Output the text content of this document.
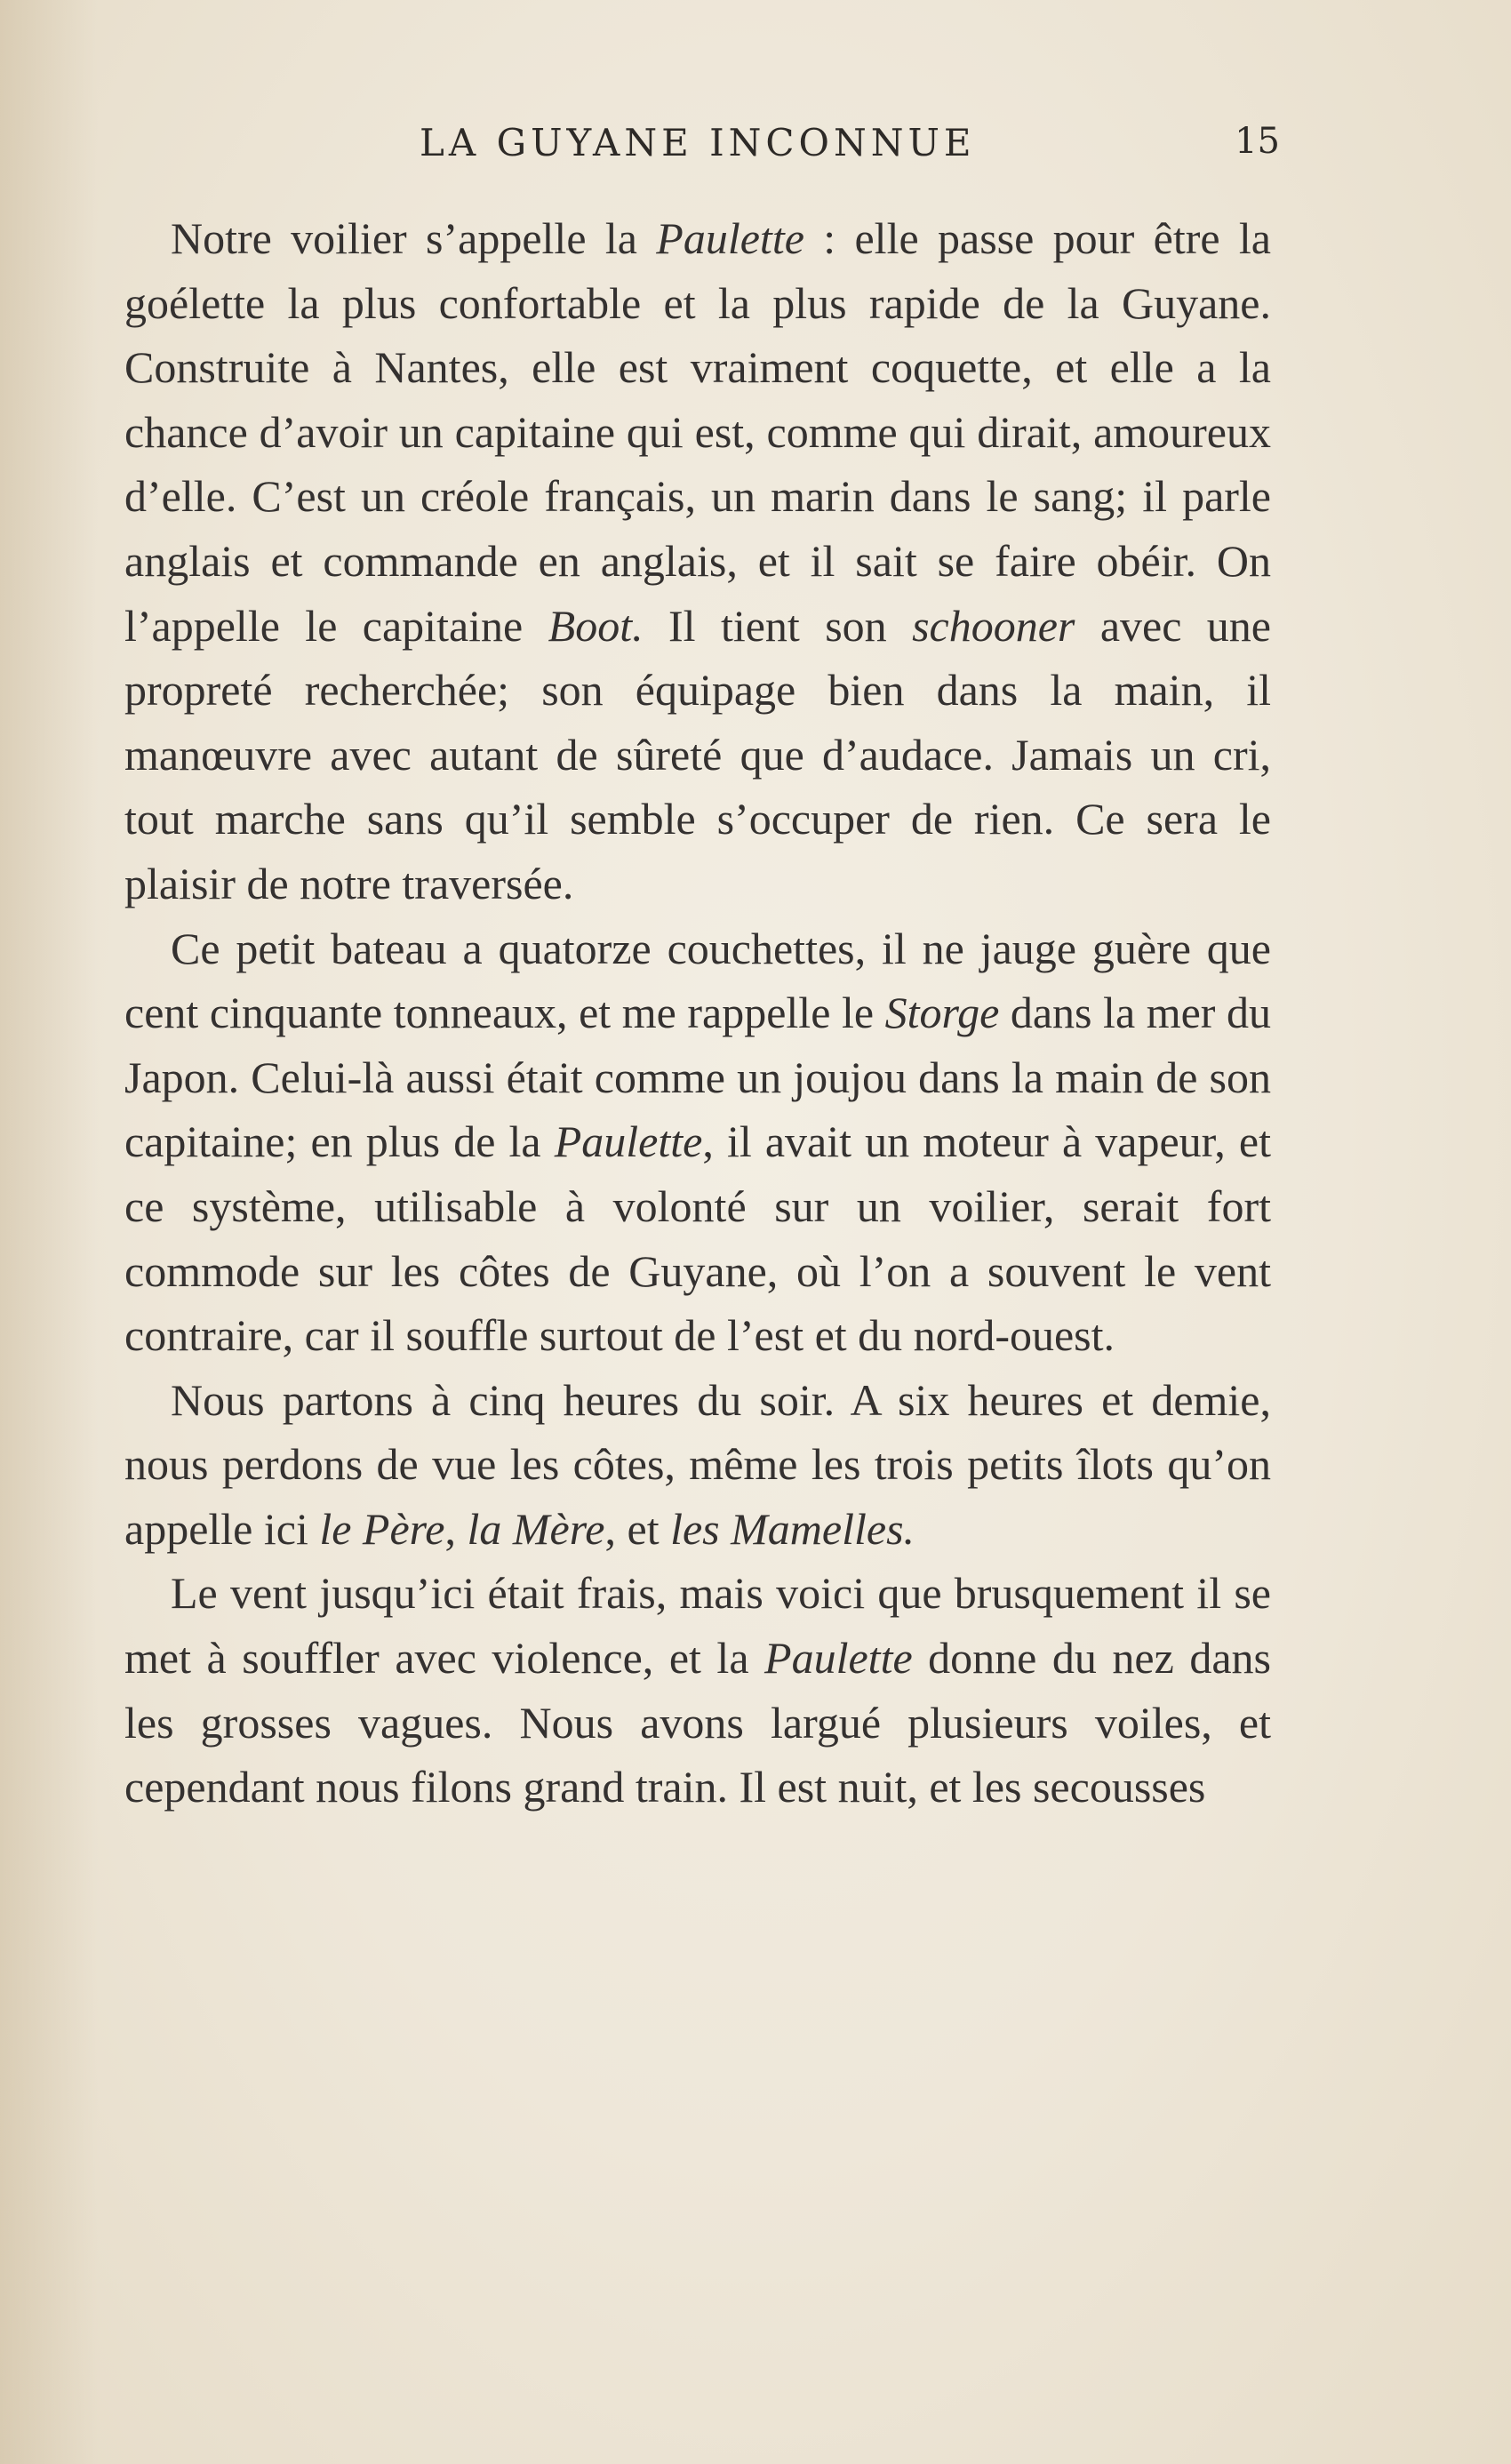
LA GUYANE INCONNUE	15

Notre voilier s’appelle la Paulette : elle passe pour être la goélette la plus confortable et la plus rapide de la Guyane. Construite à Nantes, elle est vraiment coquette, et elle a la chance d’avoir un capitaine qui est, comme qui dirait, amoureux d’elle. C’est un créole français, un marin dans le sang; il parle anglais et commande en anglais, et il sait se faire obéir. On l’appelle le capitaine Boot. Il tient son schooner avec une propreté recherchée; son équipage bien dans la main, il manœuvre avec autant de sûreté que d’audace. Jamais un cri, tout marche sans qu’il semble s’occuper de rien. Ce sera le plaisir de notre traversée.

Ce petit bateau a quatorze couchettes, il ne jauge guère que cent cinquante tonneaux, et me rappelle le Storge dans la mer du Japon. Celui-là aussi était comme un joujou dans la main de son capitaine; en plus de la Paulette, il avait un moteur à vapeur, et ce système, utilisable à volonté sur un voilier, serait fort commode sur les côtes de Guyane, où l’on a souvent le vent contraire, car il souffle surtout de l’est et du nord-ouest.

Nous partons à cinq heures du soir. A six heures et demie, nous perdons de vue les côtes, même les trois petits îlots qu’on appelle ici le Père, la Mère, et les Mamelles.

Le vent jusqu’ici était frais, mais voici que brusquement il se met à souffler avec violence, et la Paulette donne du nez dans les grosses vagues. Nous avons largué plusieurs voiles, et cependant nous filons grand train. Il est nuit, et les secousses
